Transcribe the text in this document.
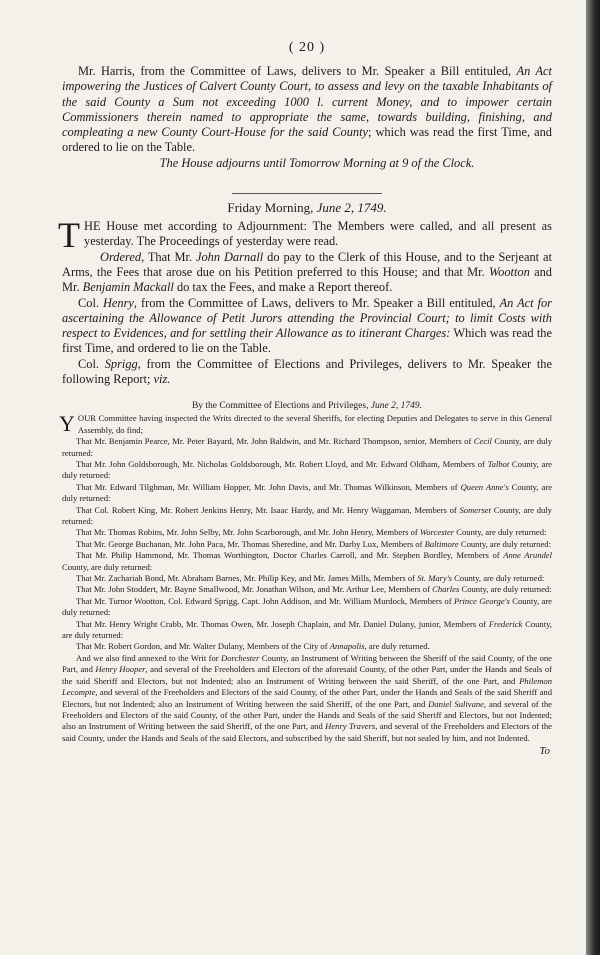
( 20 )

Mr. Harris, from the Committee of Laws, delivers to Mr. Speaker a Bill entituled, An Act impowering the Justices of Calvert County Court, to assess and levy on the taxable Inhabitants of the said County a Sum not exceeding 1000 l. current Money, and to impower certain Commissioners therein named to appropriate the same, towards building, finishing, and compleating a new County Court-House for the said County; which was read the first Time, and ordered to lie on the Table.

The House adjourns until Tomorrow Morning at 9 of the Clock.

Friday Morning, June 2, 1749.

THE House met according to Adjournment: The Members were called, and all present as yesterday. The Proceedings of yesterday were read.

Ordered, That Mr. John Darnall do pay to the Clerk of this House, and to the Serjeant at Arms, the Fees that arose due on his Petition preferred to this House; and that Mr. Wootton and Mr. Benjamin Mackall do tax the Fees, and make a Report thereof.

Col. Henry, from the Committee of Laws, delivers to Mr. Speaker a Bill entituled, An Act for ascertaining the Allowance of Petit Jurors attending the Provincial Court; to limit Costs with respect to Evidences, and for settling their Allowance as to itinerant Charges: Which was read the first Time, and ordered to lie on the Table.

Col. Sprigg, from the Committee of Elections and Privileges, delivers to Mr. Speaker the following Report; viz.

By the Committee of Elections and Privileges, June 2, 1749.

YOUR Committee having inspected the Writs directed to the several Sheriffs, for electing Deputies and Delegates to serve in this General Assembly, do find;

That Mr. Benjamin Pearce, Mr. Peter Bayard, Mr. John Baldwin, and Mr. Richard Thompson, senior, Members of Cecil County, are duly returned:

That Mr. John Goldsborough, Mr. Nicholas Goldsborough, Mr. Robert Lloyd, and Mr. Edward Oldham, Members of Talbot County, are duly returned:

That Mr. Edward Tilghman, Mr. William Hopper, Mr. John Davis, and Mr. Thomas Wilkinson, Members of Queen Anne's County, are duly returned:

That Col. Robert King, Mr. Robert Jenkins Henry, Mr. Isaac Hardy, and Mr. Henry Waggaman, Members of Somerset County, are duly returned:

That Mr. Thomas Robins, Mr. John Selby, Mr. John Scarborough, and Mr. John Henry, Members of Worcester County, are duly returned:

That Mr. George Buchanan, Mr. John Paca, Mr. Thomas Sheredine, and Mr. Darby Lux, Members of Baltimore County, are duly returned:

That Mr. Philip Hammond, Mr. Thomas Worthington, Doctor Charles Carroll, and Mr. Stephen Bordley, Members of Anne Arundel County, are duly returned:

That Mr. Zachariah Bond, Mr. Abraham Barnes, Mr. Philip Key, and Mr. James Mills, Members of St. Mary's County, are duly returned:

That Mr. John Stoddert, Mr. Bayne Smallwood, Mr. Jonathan Wilson, and Mr. Arthur Lee, Members of Charles County, are duly returned:

That Mr. Turnor Wootton, Col. Edward Sprigg, Capt. John Addison, and Mr. William Murdock, Members of Prince George's County, are duly returned:

That Mr. Henry Wright Crabb, Mr. Thomas Owen, Mr. Joseph Chaplain, and Mr. Daniel Dulany, junior, Members of Frederick County, are duly returned:

That Mr. Robert Gordon, and Mr. Walter Dulany, Members of the City of Annapolis, are duly returned.

And we also find annexed to the Writ for Dorchester County, an Instrument of Writing between the Sheriff of the said County, of the one Part, and Henry Hooper, and several of the Freeholders and Electors of the aforesaid County, of the other Part, under the Hands and Seals of the said Sheriff and Electors, but not Indented; also an Instrument of Writing between the said Sheriff, of the one Part, and Philemon Lecompte, and several of the Freeholders and Electors of the said County, of the other Part, under the Hands and Seals of the said Sheriff and Electors, but not Indented; also an Instrument of Writing between the said Sheriff, of the one Part, and Daniel Sulivane, and several of the Freeholders and Electors of the said County, of the other Part, under the Hands and Seals of the said Sheriff and Electors, but not Indented; also an Instrument of Writing between the said Sheriff, of the one Part, and Henry Travers, and several of the Freeholders and Electors of the said County, under the Hands and Seals of the said Electors, and subscribed by the said Sheriff, but not sealed by him, and not Indented.

To
